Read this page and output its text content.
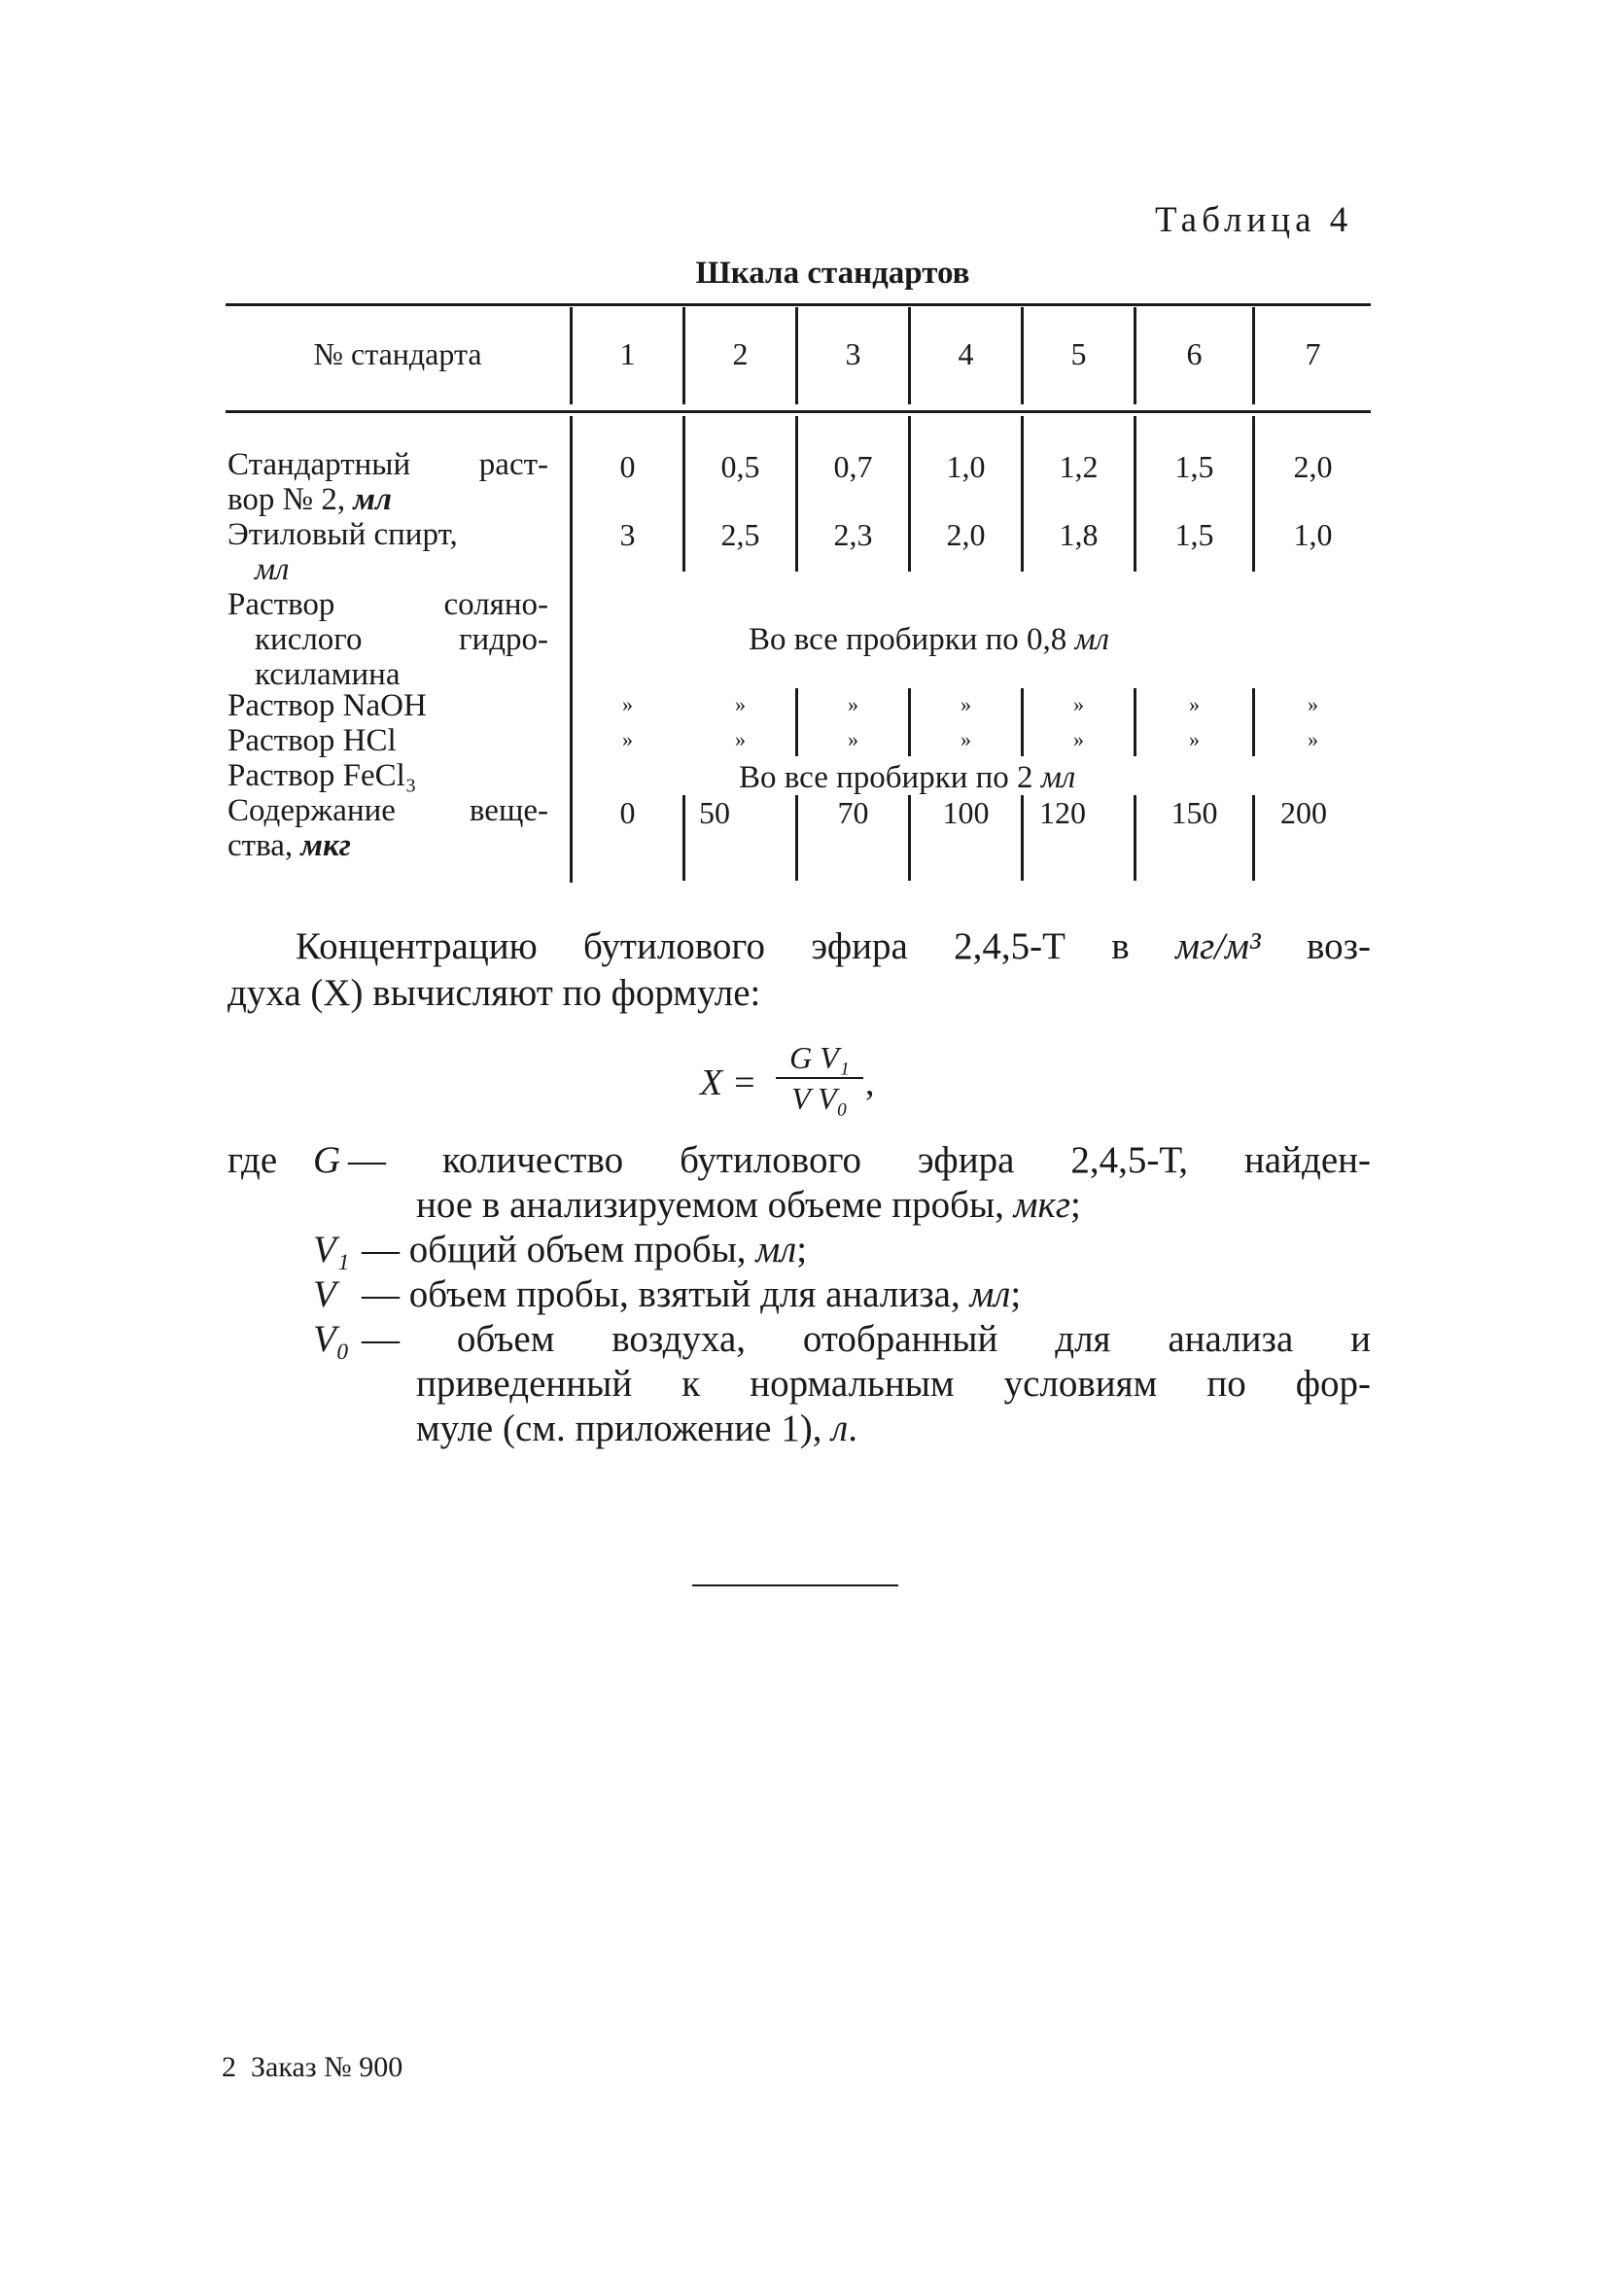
Таблица 4
Шкала стандартов
№ стандарта	1	2	3	4	5	6	7
Стандартный раст-
вор № 2, мл
0	0,5	0,7	1,0	1,2	1,5	2,0
Этиловый спирт,
мл
3	2,5	2,3	2,0	1,8	1,5	1,0
Раствор соляно-
кислого гидро-
ксиламина
Во все пробирки по 0,8 мл
Раствор NaOH	»	»	»	»	»	»	»
Раствор HCl	»	»	»	»	»	»	»
Раствор FeCl₃	Во все пробирки по 2 мл
Содержание веще-
ства, мкг
0	50	70	100	120	150	200
Концентрацию бутилового эфира 2,4,5-Т в мг/м³ воз-
духа (X) вычисляют по формуле:
$X = \frac{\text{G V₁}}{\text{V V₀}}$ ,
где G — количество бутилового эфира 2,4,5-Т, найден-
ное в анализируемом объеме пробы, мкг;
V₁ — общий объем пробы, мл;
V — объем пробы, взятый для анализа, мл;
V₀ — объем воздуха, отобранный для анализа и
приведенный к нормальным условиям по фор-
муле (см. приложение 1), л.
2  Заказ № 900
